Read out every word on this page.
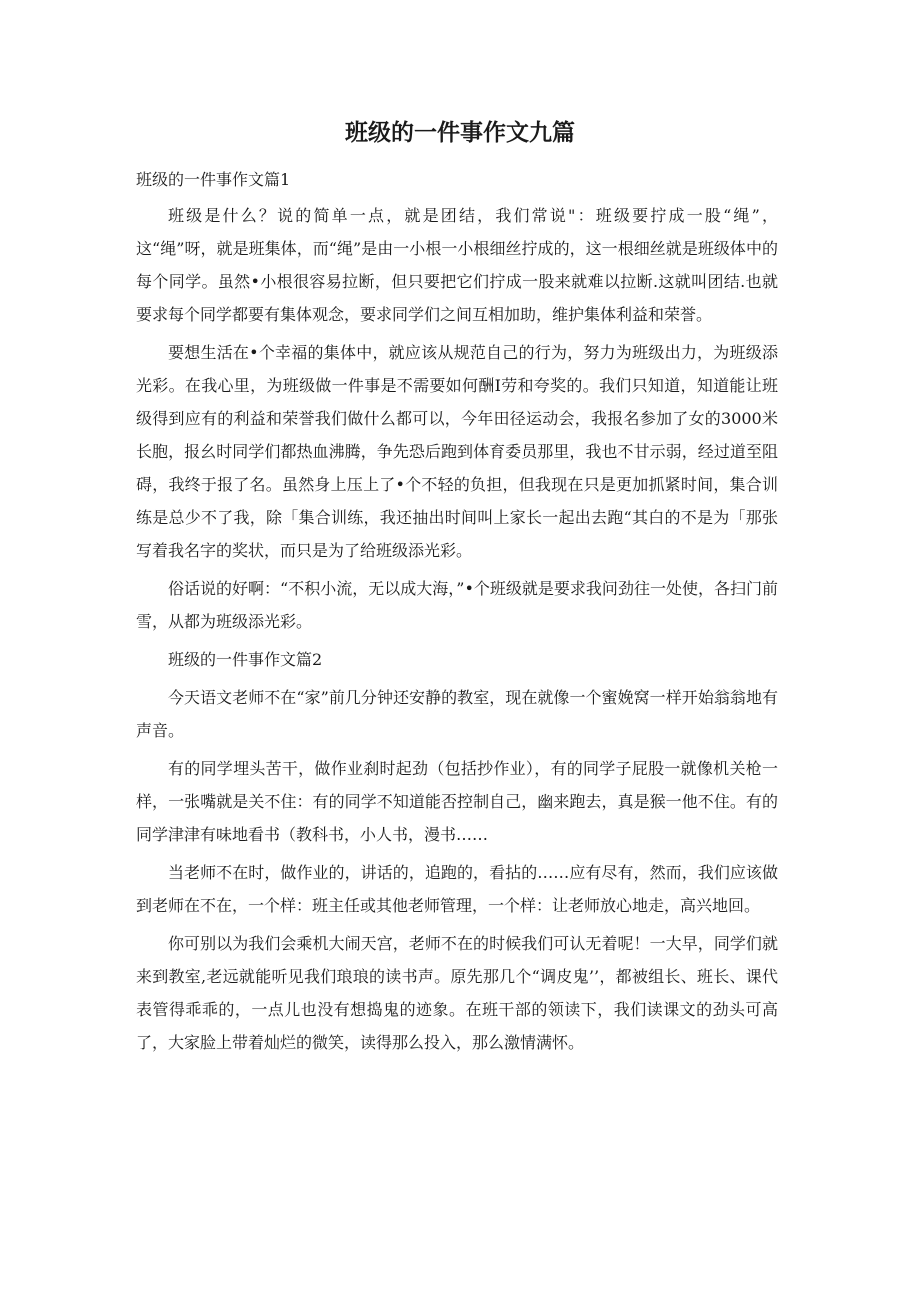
班级的一件事作文九篇

班级的一件事作文篇1

班级是什么？说的简单一点，就是团结，我们常说"：班级要拧成一股“绳”，这“绳”呀，就是班集体，而“绳”是由一小根一小根细丝拧成的，这一根细丝就是班级体中的每个同学。虽然•小根很容易拉断，但只要把它们拧成一股来就难以拉断.这就叫团结.也就要求每个同学都要有集体观念，要求同学们之间互相加助，维护集体利益和荣誉。

要想生活在•个幸福的集体中，就应该从规范自己的行为，努力为班级出力，为班级添光彩。在我心里，为班级做一件事是不需要如何酬I劳和夸奖的。我们只知道，知道能让班级得到应有的利益和荣誉我们做什么都可以，今年田径运动会，我报名参加了女的3000米长胞，报幺时同学们都热血沸腾，争先恐后跑到体育委员那里，我也不甘示弱，经过道至阻碍，我终于报了名。虽然身上压上了•个不轻的负担，但我现在只是更加抓紧时间，集合训练是总少不了我，除「集合训练，我还抽出时间叫上家长一起出去跑“其白的不是为「那张写着我名字的奖状，而只是为了给班级添光彩。

俗话说的好啊：“不积小流，无以成大海，”•个班级就是要求我问劲往一处使，各扫门前雪，从都为班级添光彩。

班级的一件事作文篇2

今天语文老师不在“家”前几分钟还安静的教室，现在就像一个蜜娩窝一样开始翁翁地有声音。

有的同学埋头苦干，做作业刹时起劲（包括抄作业），有的同学子屁股一就像机关枪一样，一张嘴就是关不住：有的同学不知道能否控制自己，幽来跑去，真是猴一他不住。有的同学津津有味地看书（教科书，小人书，漫书……

当老师不在时，做作业的，讲话的，追跑的，看拈的……应有尽有，然而，我们应该做到老师在不在，一个样：班主任或其他老师管理，一个样：让老师放心地走，高兴地回。

你可别以为我们会乘机大闹天宫，老师不在的时候我们可认无着呢！一大早，同学们就来到教室,老远就能听见我们琅琅的读书声。原先那几个“调皮鬼’’，都被组长、班长、课代表管得乖乖的，一点儿也没有想捣鬼的迹象。在班干部的领读下，我们读课文的劲头可高了，大家脸上带着灿烂的微笑，读得那么投入，那么激情满怀。
